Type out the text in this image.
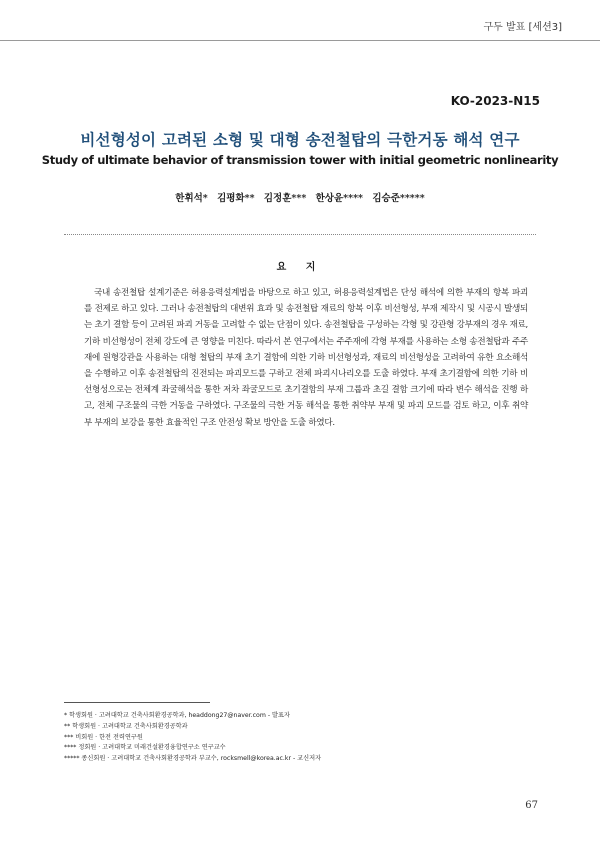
구두 발표 [세션3]
KO-2023-N15
비선형성이 고려된 소형 및 대형 송전철탑의 극한거동 해석 연구
Study of ultimate behavior of transmission tower with initial geometric nonlinearity
한휘석* 김평화** 김정훈*** 한상윤**** 김승준*****
요 지
국내 송전철탑 설계기준은 허용응력설계법을 바탕으로 하고 있고, 허용응력설계법은 단성 해석에 의한 부재의 항복 파괴를 전제로 하고 있다. 그러나 송전철탑의 대변위 효과 및 송전철탑 재료의 항복 이후 비선형성, 부재 제작시 및 시공시 발생되는 초기 결함 등이 고려된 파괴 거동을 고려할 수 없는 단점이 있다. 송전철탑을 구성하는 각형 및 강관형 강부재의 경우 재료,기하 비선형성이 전체 강도에 큰 영향을 미친다. 따라서 본 연구에서는 주주재에 각형 부재를 사용하는 소형 송전철탑과 주주재에 원형강관을 사용하는 대형 철탑의 부재 초기 결함에 의한 기하 비선형성과, 재료의 비선형성을 고려하여 유한 요소해석을 수행하고 이후 송전철탑의 진전되는 파괴모드를 구하고 전체 파괴시나리오를 도출 하였다. 부재 초기결함에 의한 기하 비선형성으로는 전체계 좌굴해석을 통한 저차 좌굴모드로 초기결함의 부재 그룹과 초길 결함 크기에 따라 변수 해석을 진행 하고, 전체 구조물의 극한 거동을 구하였다. 구조물의 극한 거동 해석을 통한 취약부 부재 및 파괴 모드를 검토 하고, 이후 취약부 부재의 보강을 통한 효율적인 구조 안전성 확보 방안을 도출 하였다.
* 학생회원 · 고려대학교 건축사회환경공학과, headdong27@naver.com - 발표자
** 학생회원 · 고려대학교 건축사회환경공학과
*** 비회원 · 한전 전력연구원
**** 정회원 · 고려대학교 미래건설환경융합연구소 연구교수
***** 종신회원 · 고려대학교 건축사회환경공학과 부교수, rocksmell@korea.ac.kr - 교신저자
67
